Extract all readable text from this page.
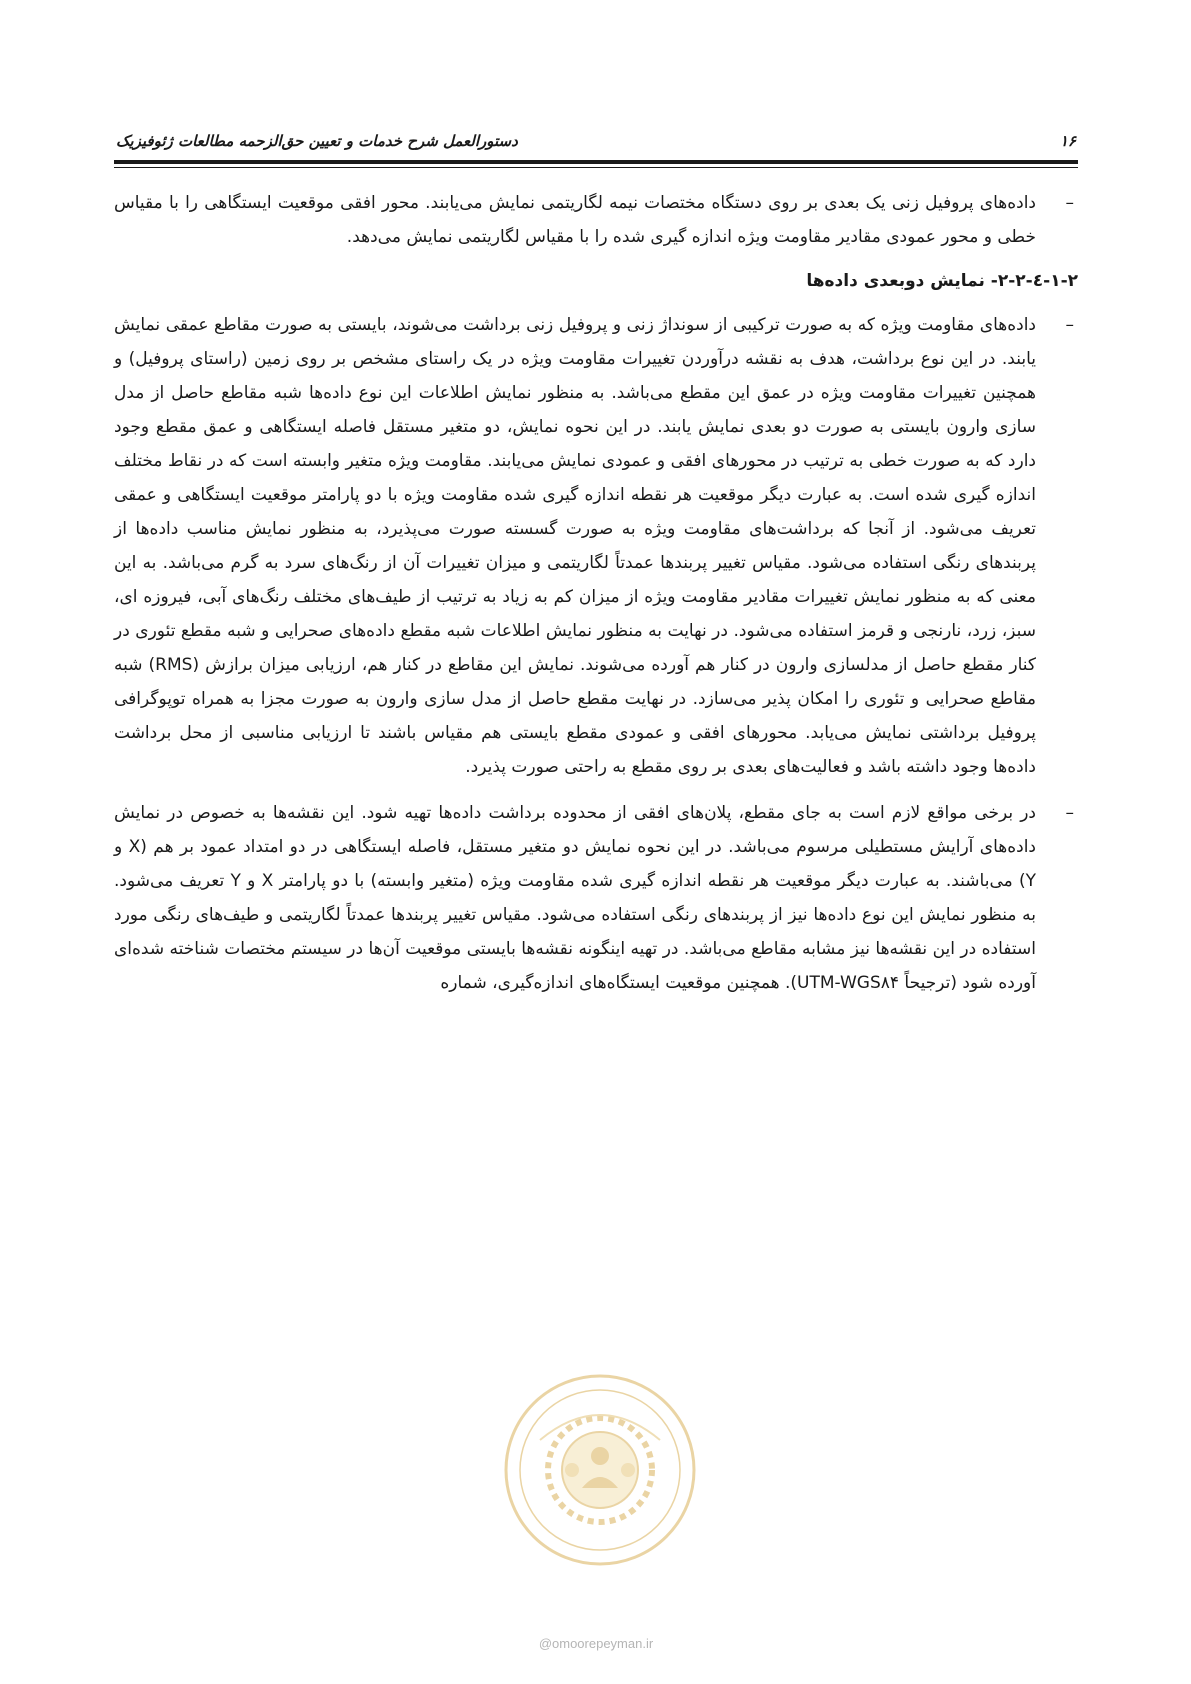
۱۶
دستورالعمل شرح خدمات و تعیین حق‌الزحمه مطالعات ژئوفیزیک
–

داده‌های پروفیل زنی یک بعدی بر روی دستگاه مختصات نیمه لگاریتمی نمایش می‌یابند. محور افقی موقعیت ایستگاهی را با مقیاس خطی و محور عمودی مقادیر مقاومت ویژه اندازه گیری شده را با مقیاس لگاریتمی نمایش می‌دهد.

۱-۲-٤-۲-۲- نمایش دوبعدی داده‌ها
–

داده‌های مقاومت ویژه که به صورت ترکیبی از سونداژ زنی و پروفیل زنی برداشت می‌شوند، بایستی به صورت مقاطع عمقی نمایش یابند. در این نوع برداشت، هدف به نقشه درآوردن تغییرات مقاومت ویژه در یک راستای مشخص بر روی زمین (راستای پروفیل) و همچنین تغییرات مقاومت ویژه در عمق این مقطع می‌باشد. به منظور نمایش اطلاعات این نوع داده‌ها شبه مقاطع حاصل از مدل سازی وارون بایستی به صورت دو بعدی نمایش یابند. در این نحوه نمایش، دو متغیر مستقل فاصله ایستگاهی و عمق مقطع وجود دارد که به صورت خطی به ترتیب در محورهای افقی و عمودی نمایش می‌یابند. مقاومت ویژه متغیر وابسته است که در نقاط مختلف اندازه گیری شده است. به عبارت دیگر موقعیت هر نقطه اندازه گیری شده مقاومت ویژه با دو پارامتر موقعیت ایستگاهی و عمقی تعریف می‌شود. از آنجا که برداشت‌های مقاومت ویژه به صورت گسسته صورت می‌پذیرد، به منظور نمایش مناسب داده‌ها از پربندهای رنگی استفاده می‌شود. مقیاس تغییر پربندها عمدتاً لگاریتمی و میزان تغییرات آن از رنگ‌های سرد به گرم می‌باشد. به این معنی که به منظور نمایش تغییرات مقادیر مقاومت ویژه از میزان کم به زیاد به ترتیب از طیف‌های مختلف رنگ‌های آبی، فیروزه ای، سبز، زرد، نارنجی و قرمز استفاده می‌شود. در نهایت به منظور نمایش اطلاعات شبه مقطع داده‌های صحرایی و شبه مقطع تئوری در کنار مقطع حاصل از مدلسازی وارون در کنار هم آورده می‌شوند. نمایش این مقاطع در کنار هم، ارزیابی میزان برازش (RMS) شبه مقاطع صحرایی و تئوری را امکان پذیر می‌سازد. در نهایت مقطع حاصل از مدل سازی وارون به صورت مجزا به همراه توپوگرافی پروفیل برداشتی نمایش می‌یابد. محورهای افقی و عمودی مقطع بایستی هم مقیاس باشند تا ارزیابی مناسبی از محل برداشت داده‌ها وجود داشته باشد و فعالیت‌های بعدی بر روی مقطع به راحتی صورت پذیرد.

–

در برخی مواقع لازم است به جای مقطع، پلان‌های افقی از محدوده برداشت داده‌ها تهیه شود. این نقشه‌ها به خصوص در نمایش داده‌های آرایش مستطیلی مرسوم می‌باشد. در این نحوه نمایش دو متغیر مستقل، فاصله ایستگاهی در دو امتداد عمود بر هم (X و Y) می‌باشند. به عبارت دیگر موقعیت هر نقطه اندازه گیری شده مقاومت ویژه (متغیر وابسته) با دو پارامتر X و Y تعریف می‌شود. به منظور نمایش این نوع داده‌ها نیز از پربندهای رنگی استفاده می‌شود. مقیاس تغییر پربندها عمدتاً لگاریتمی و طیف‌های رنگی مورد استفاده در این نقشه‌ها نیز مشابه مقاطع می‌باشد. در تهیه اینگونه نقشه‌ها بایستی موقعیت آن‌ها در سیستم مختصات شناخته شده‌ای آورده شود (ترجیحاً UTM-WGS۸۴). همچنین موقعیت ایستگاه‌های اندازه‌گیری، شماره

@omoorepeyman.ir
